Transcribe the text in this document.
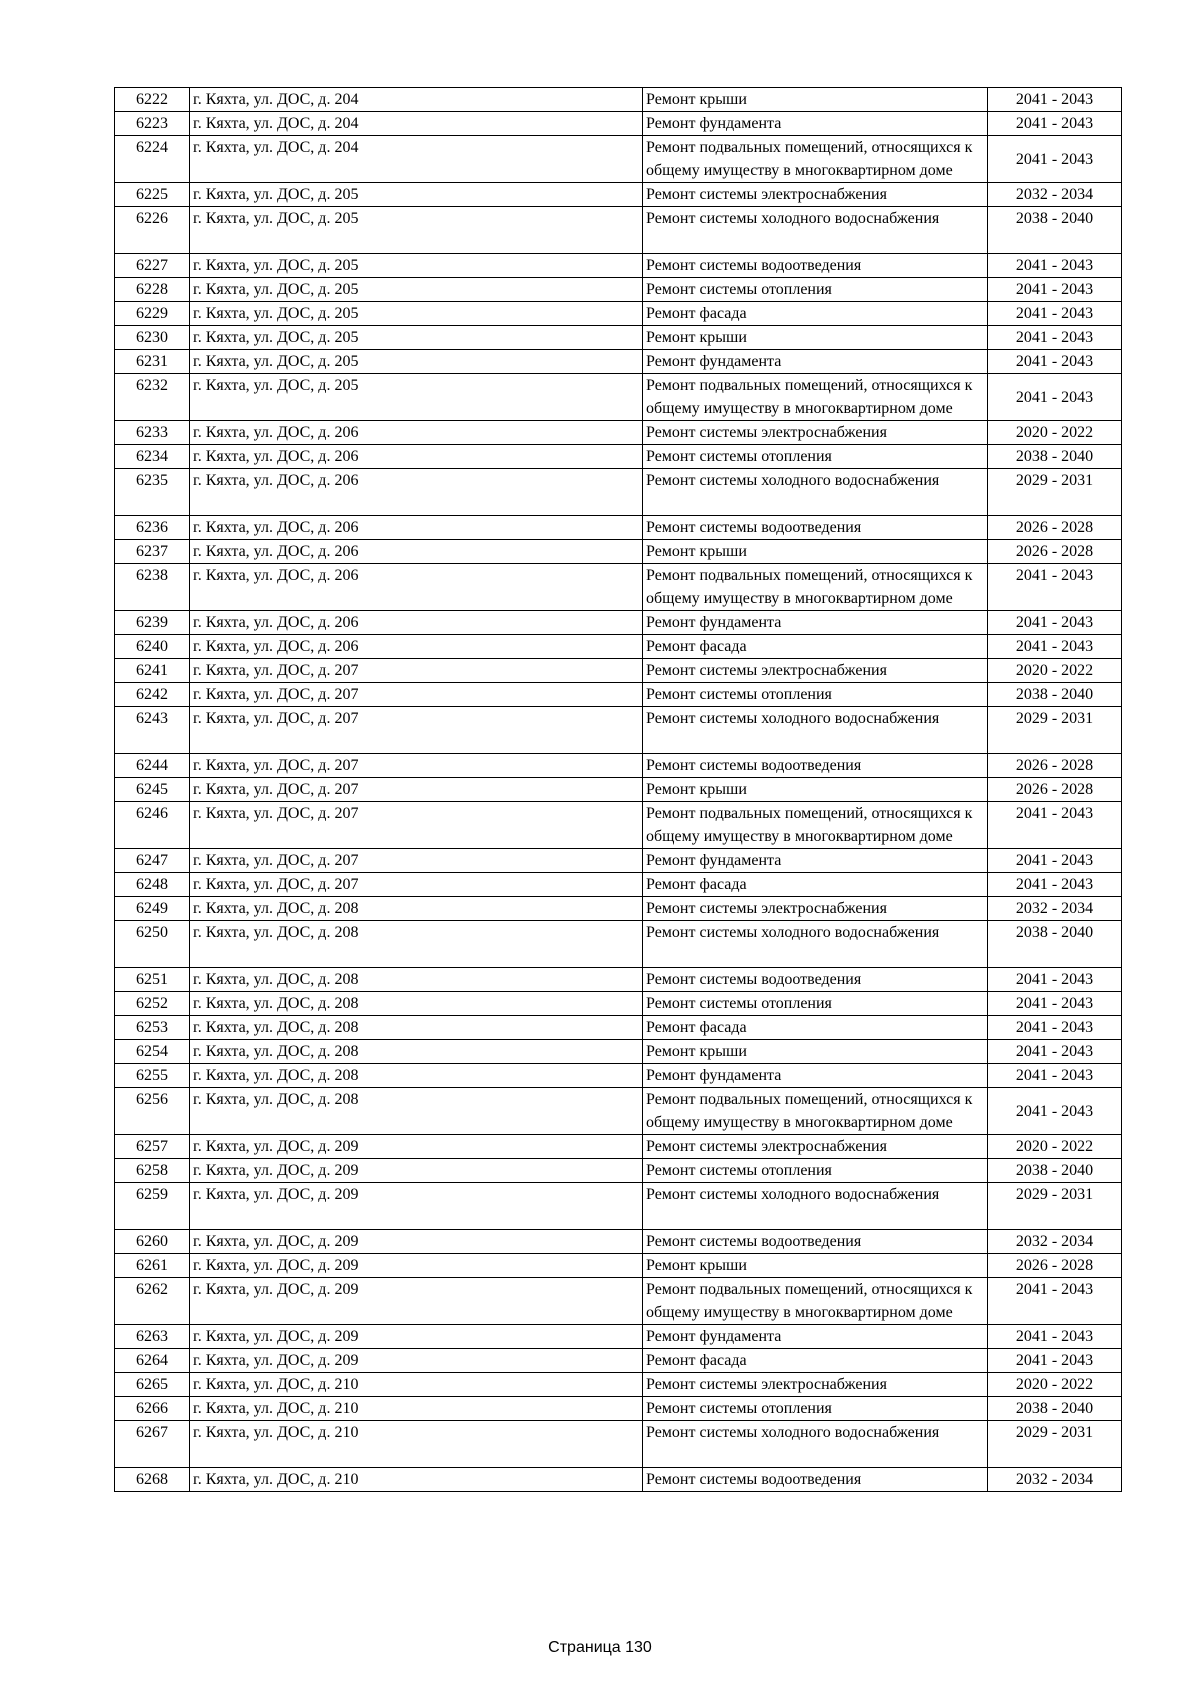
6222	г. Кяхта, ул. ДОС, д. 204	Ремонт крыши	2041 - 2043
6223	г. Кяхта, ул. ДОС, д. 204	Ремонт фундамента	2041 - 2043
6224	г. Кяхта, ул. ДОС, д. 204	Ремонт подвальных помещений, относящихся к общему имуществу в многоквартирном доме	2041 - 2043
6225	г. Кяхта, ул. ДОС, д. 205	Ремонт системы электроснабжения	2032 - 2034
6226	г. Кяхта, ул. ДОС, д. 205	Ремонт системы холодного водоснабжения	2038 - 2040
6227	г. Кяхта, ул. ДОС, д. 205	Ремонт системы водоотведения	2041 - 2043
6228	г. Кяхта, ул. ДОС, д. 205	Ремонт системы отопления	2041 - 2043
6229	г. Кяхта, ул. ДОС, д. 205	Ремонт фасада	2041 - 2043
6230	г. Кяхта, ул. ДОС, д. 205	Ремонт крыши	2041 - 2043
6231	г. Кяхта, ул. ДОС, д. 205	Ремонт фундамента	2041 - 2043
6232	г. Кяхта, ул. ДОС, д. 205	Ремонт подвальных помещений, относящихся к общему имуществу в многоквартирном доме	2041 - 2043
6233	г. Кяхта, ул. ДОС, д. 206	Ремонт системы электроснабжения	2020 - 2022
6234	г. Кяхта, ул. ДОС, д. 206	Ремонт системы отопления	2038 - 2040
6235	г. Кяхта, ул. ДОС, д. 206	Ремонт системы холодного водоснабжения	2029 - 2031
6236	г. Кяхта, ул. ДОС, д. 206	Ремонт системы водоотведения	2026 - 2028
6237	г. Кяхта, ул. ДОС, д. 206	Ремонт крыши	2026 - 2028
6238	г. Кяхта, ул. ДОС, д. 206	Ремонт подвальных помещений, относящихся к общему имуществу в многоквартирном доме	2041 - 2043
6239	г. Кяхта, ул. ДОС, д. 206	Ремонт фундамента	2041 - 2043
6240	г. Кяхта, ул. ДОС, д. 206	Ремонт фасада	2041 - 2043
6241	г. Кяхта, ул. ДОС, д. 207	Ремонт системы электроснабжения	2020 - 2022
6242	г. Кяхта, ул. ДОС, д. 207	Ремонт системы отопления	2038 - 2040
6243	г. Кяхта, ул. ДОС, д. 207	Ремонт системы холодного водоснабжения	2029 - 2031
6244	г. Кяхта, ул. ДОС, д. 207	Ремонт системы водоотведения	2026 - 2028
6245	г. Кяхта, ул. ДОС, д. 207	Ремонт крыши	2026 - 2028
6246	г. Кяхта, ул. ДОС, д. 207	Ремонт подвальных помещений, относящихся к общему имуществу в многоквартирном доме	2041 - 2043
6247	г. Кяхта, ул. ДОС, д. 207	Ремонт фундамента	2041 - 2043
6248	г. Кяхта, ул. ДОС, д. 207	Ремонт фасада	2041 - 2043
6249	г. Кяхта, ул. ДОС, д. 208	Ремонт системы электроснабжения	2032 - 2034
6250	г. Кяхта, ул. ДОС, д. 208	Ремонт системы холодного водоснабжения	2038 - 2040
6251	г. Кяхта, ул. ДОС, д. 208	Ремонт системы водоотведения	2041 - 2043
6252	г. Кяхта, ул. ДОС, д. 208	Ремонт системы отопления	2041 - 2043
6253	г. Кяхта, ул. ДОС, д. 208	Ремонт фасада	2041 - 2043
6254	г. Кяхта, ул. ДОС, д. 208	Ремонт крыши	2041 - 2043
6255	г. Кяхта, ул. ДОС, д. 208	Ремонт фундамента	2041 - 2043
6256	г. Кяхта, ул. ДОС, д. 208	Ремонт подвальных помещений, относящихся к общему имуществу в многоквартирном доме	2041 - 2043
6257	г. Кяхта, ул. ДОС, д. 209	Ремонт системы электроснабжения	2020 - 2022
6258	г. Кяхта, ул. ДОС, д. 209	Ремонт системы отопления	2038 - 2040
6259	г. Кяхта, ул. ДОС, д. 209	Ремонт системы холодного водоснабжения	2029 - 2031
6260	г. Кяхта, ул. ДОС, д. 209	Ремонт системы водоотведения	2032 - 2034
6261	г. Кяхта, ул. ДОС, д. 209	Ремонт крыши	2026 - 2028
6262	г. Кяхта, ул. ДОС, д. 209	Ремонт подвальных помещений, относящихся к общему имуществу в многоквартирном доме	2041 - 2043
6263	г. Кяхта, ул. ДОС, д. 209	Ремонт фундамента	2041 - 2043
6264	г. Кяхта, ул. ДОС, д. 209	Ремонт фасада	2041 - 2043
6265	г. Кяхта, ул. ДОС, д. 210	Ремонт системы электроснабжения	2020 - 2022
6266	г. Кяхта, ул. ДОС, д. 210	Ремонт системы отопления	2038 - 2040
6267	г. Кяхта, ул. ДОС, д. 210	Ремонт системы холодного водоснабжения	2029 - 2031
6268	г. Кяхта, ул. ДОС, д. 210	Ремонт системы водоотведения	2032 - 2034
Страница 130
